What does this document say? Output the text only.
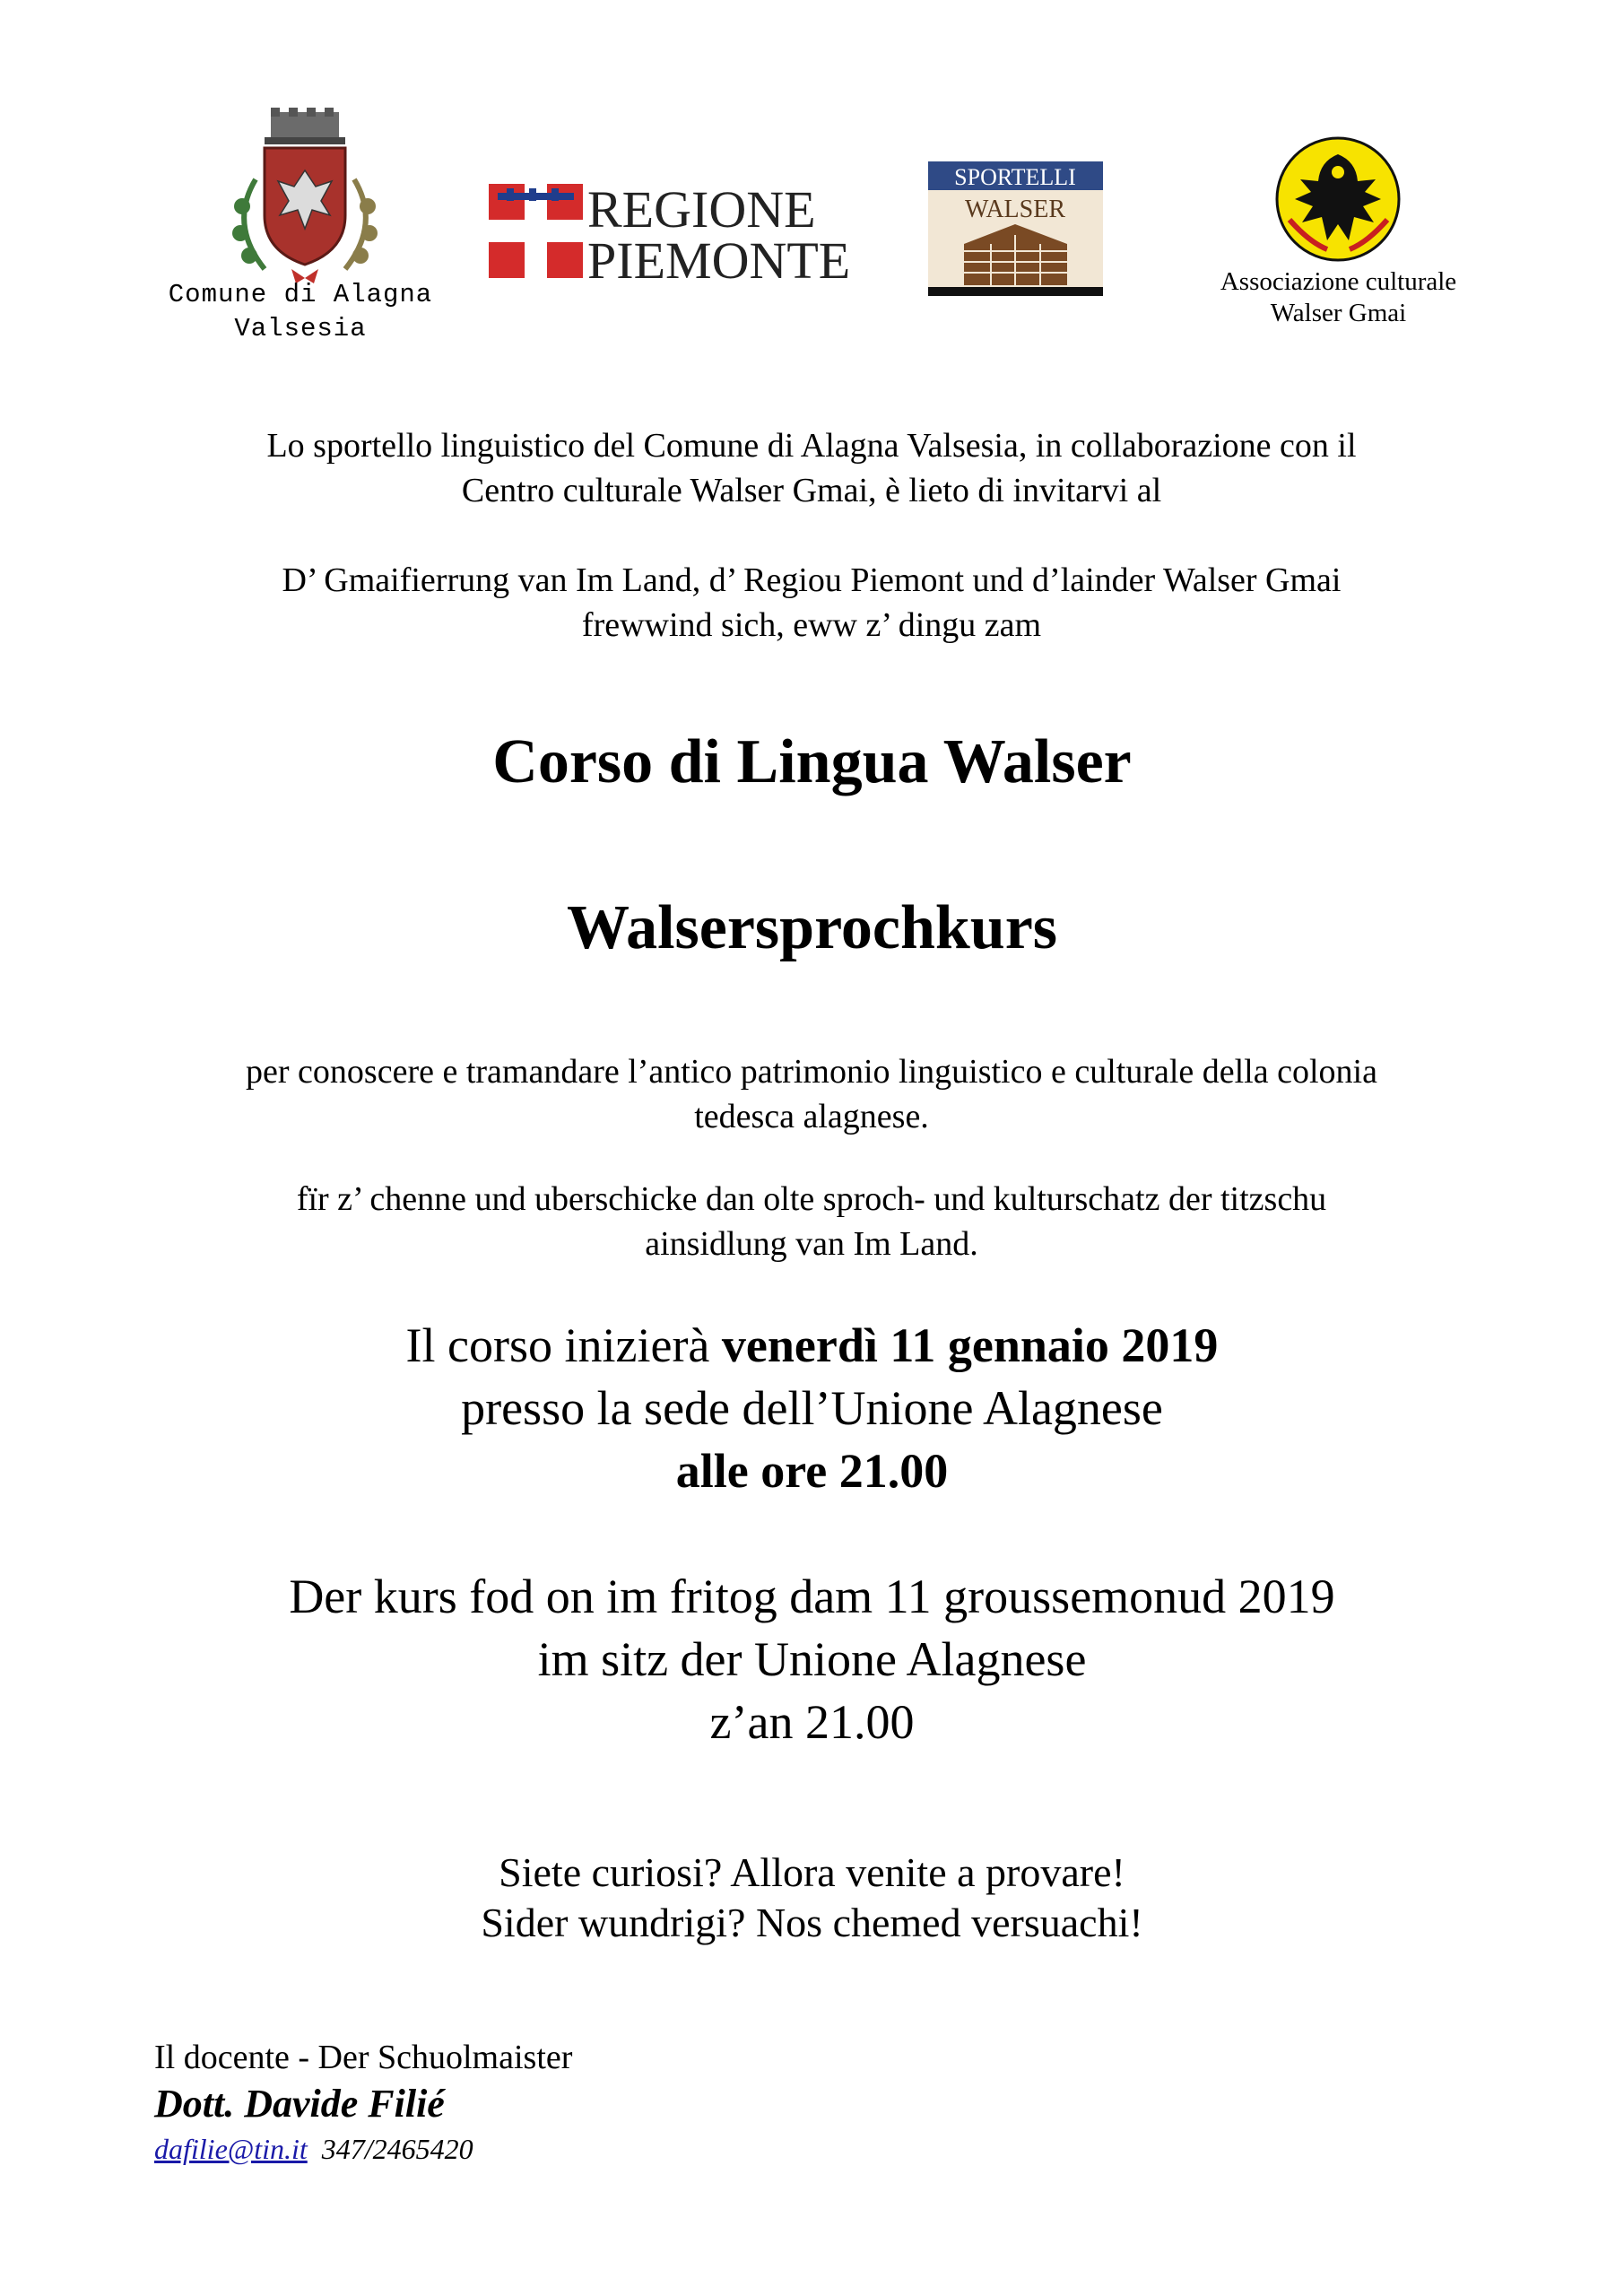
Comune di Alagna
Valsesia
REGIONE
PIEMONTE
SPORTELLI
WALSER
Associazione culturale
Walser Gmai
Lo sportello linguistico del Comune di Alagna Valsesia, in collaborazione con il
Centro culturale Walser Gmai, è lieto di invitarvi al
D’ Gmaifierrung van Im Land, d’ Regiou Piemont und d’lainder Walser Gmai
frewwind sich, eww z’ dingu zam
Corso di Lingua Walser
Walsersprochkurs
per conoscere e tramandare l’antico patrimonio linguistico e culturale della colonia
tedesca alagnese.
fïr z’ chenne und uberschicke dan olte sproch- und kulturschatz der titzschu
ainsidlung van Im Land.
Il corso inizierà venerdì 11 gennaio 2019
presso la sede dell’Unione Alagnese
alle ore 21.00
Der kurs fod on im fritog dam 11 groussemonud 2019
im sitz der Unione Alagnese
z’an 21.00
Siete curiosi? Allora venite a provare!
Sider wundrigi? Nos chemed versuachi!
Il docente - Der Schuolmaister
Dott. Davide Filié
dafilie@tin.it 347/2465420
